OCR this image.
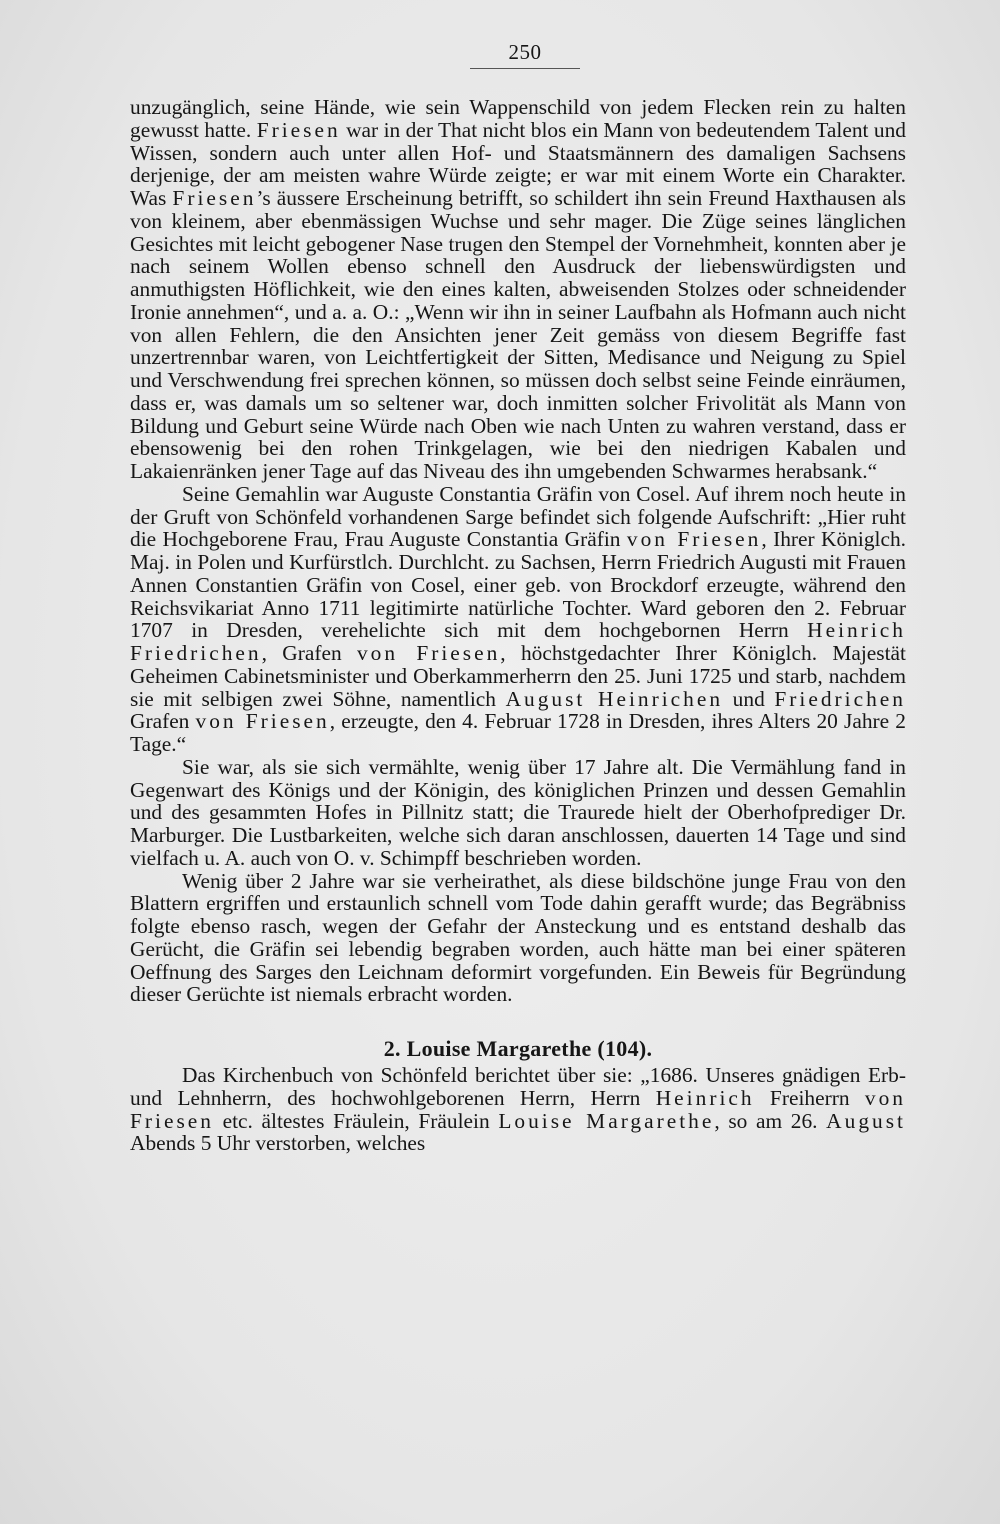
250

unzugänglich, seine Hände, wie sein Wappenschild von jedem Flecken rein zu halten gewusst hatte. Friesen war in der That nicht blos ein Mann von bedeutendem Talent und Wissen, sondern auch unter allen Hof- und Staatsmännern des damaligen Sachsens derjenige, der am meisten wahre Würde zeigte; er war mit einem Worte ein Charakter. Was Friesen’s äussere Erscheinung betrifft, so schildert ihn sein Freund Haxthausen als von kleinem, aber ebenmässigen Wuchse und sehr mager. Die Züge seines länglichen Gesichtes mit leicht gebogener Nase trugen den Stempel der Vornehmheit, konnten aber je nach seinem Wollen ebenso schnell den Ausdruck der liebenswürdigsten und anmuthigsten Höflichkeit, wie den eines kalten, abweisenden Stolzes oder schneidender Ironie annehmen“, und a. a. O.: „Wenn wir ihn in seiner Laufbahn als Hofmann auch nicht von allen Fehlern, die den Ansichten jener Zeit gemäss von diesem Begriffe fast unzertrennbar waren, von Leichtfertigkeit der Sitten, Medisance und Neigung zu Spiel und Verschwendung frei sprechen können, so müssen doch selbst seine Feinde einräumen, dass er, was damals um so seltener war, doch inmitten solcher Frivolität als Mann von Bildung und Geburt seine Würde nach Oben wie nach Unten zu wahren verstand, dass er ebensowenig bei den rohen Trinkgelagen, wie bei den niedrigen Kabalen und Lakaienränken jener Tage auf das Niveau des ihn umgebenden Schwarmes herabsank.“

Seine Gemahlin war Auguste Constantia Gräfin von Cosel. Auf ihrem noch heute in der Gruft von Schönfeld vorhandenen Sarge befindet sich folgende Aufschrift: „Hier ruht die Hochgeborene Frau, Frau Auguste Constantia Gräfin von Friesen, Ihrer Königlch. Maj. in Polen und Kurfürstlch. Durchlcht. zu Sachsen, Herrn Friedrich Augusti mit Frauen Annen Constantien Gräfin von Cosel, einer geb. von Brockdorf erzeugte, während den Reichsvikariat Anno 1711 legitimirte natürliche Tochter. Ward geboren den 2. Februar 1707 in Dresden, verehelichte sich mit dem hochgebornen Herrn Heinrich Friedrichen, Grafen von Friesen, höchstgedachter Ihrer Königlch. Majestät Geheimen Cabinetsminister und Oberkammerherrn den 25. Juni 1725 und starb, nachdem sie mit selbigen zwei Söhne, namentlich August Heinrichen und Friedrichen Grafen von Friesen, erzeugte, den 4. Februar 1728 in Dresden, ihres Alters 20 Jahre 2 Tage.“

Sie war, als sie sich vermählte, wenig über 17 Jahre alt. Die Vermählung fand in Gegenwart des Königs und der Königin, des königlichen Prinzen und dessen Gemahlin und des gesammten Hofes in Pillnitz statt; die Traurede hielt der Oberhofprediger Dr. Marburger. Die Lustbarkeiten, welche sich daran anschlossen, dauerten 14 Tage und sind vielfach u. A. auch von O. v. Schimpff beschrieben worden.

Wenig über 2 Jahre war sie verheirathet, als diese bildschöne junge Frau von den Blattern ergriffen und erstaunlich schnell vom Tode dahin gerafft wurde; das Begräbniss folgte ebenso rasch, wegen der Gefahr der Ansteckung und es entstand deshalb das Gerücht, die Gräfin sei lebendig begraben worden, auch hätte man bei einer späteren Oeffnung des Sarges den Leichnam deformirt vorgefunden. Ein Beweis für Begründung dieser Gerüchte ist niemals erbracht worden.

2. Louise Margarethe (104).

Das Kirchenbuch von Schönfeld berichtet über sie: „1686. Unseres gnädigen Erb- und Lehnherrn, des hochwohlgeborenen Herrn, Herrn Heinrich Freiherrn von Friesen etc. ältestes Fräulein, Fräulein Louise Margarethe, so am 26. August Abends 5 Uhr verstorben, welches
